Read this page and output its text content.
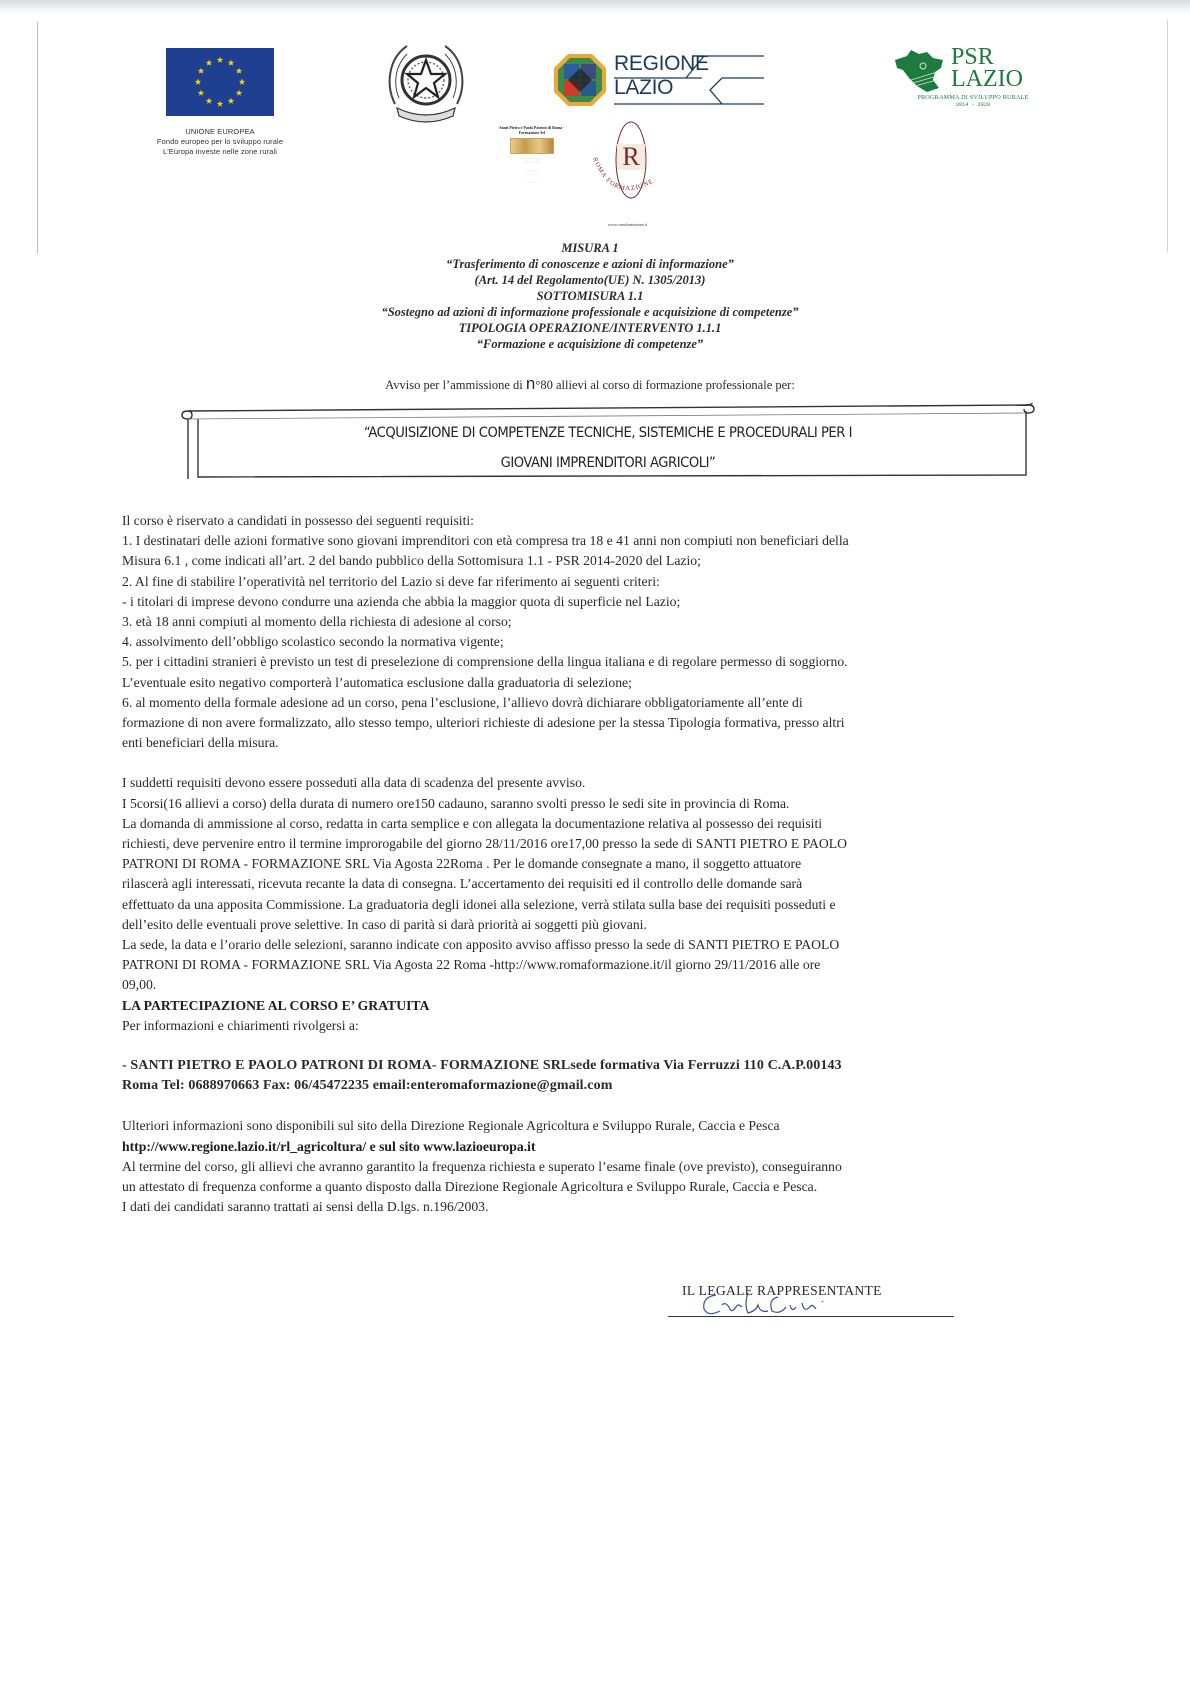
UNIONE EUROPEA
Fondo europeo per lo sviluppo rurale
L'Europa investe nelle zone rurali
REGIONE
LAZIO
Santi Pietro e Paolo Patroni di Roma - Formazione Srl
· · · · · · · · · · · ·
· · · · · · · · · ·

· · · · · · · ·
· · · · · · ·

· · · · · · · · ·
R
ROMA FORMAZIONE
www.romaformazione.it
PSR
LAZIO
PROGRAMMA DI SVILUPPO RURALE
2014 - 2020
MISURA 1
“Trasferimento di conoscenze e azioni di informazione”
(Art. 14 del Regolamento(UE) N. 1305/2013)
SOTTOMISURA 1.1
“Sostegno ad azioni di informazione professionale e acquisizione di competenze”
TIPOLOGIA OPERAZIONE/INTERVENTO 1.1.1
“Formazione e acquisizione di competenze”
Avviso per l’ammissione di n°80 allievi al corso di formazione professionale per:
“ACQUISIZIONE DI COMPETENZE TECNICHE, SISTEMICHE E PROCEDURALI PER I
GIOVANI IMPRENDITORI AGRICOLI”

Il corso è riservato a candidati in possesso dei seguenti requisiti:

1. I destinatari delle azioni formative sono giovani imprenditori con età compresa tra 18 e 41 anni non compiuti non beneficiari della

Misura 6.1 , come indicati all’art. 2 del bando pubblico della Sottomisura 1.1 - PSR 2014-2020 del Lazio;

2. Al fine di stabilire l’operatività nel territorio del Lazio si deve far riferimento ai seguenti criteri:

- i titolari di imprese devono condurre una azienda che abbia la maggior quota di superficie nel Lazio;

3. età 18 anni compiuti al momento della richiesta di adesione al corso;

4. assolvimento dell’obbligo scolastico secondo la normativa vigente;

5. per i cittadini stranieri è previsto un test di preselezione di comprensione della lingua italiana e di regolare permesso di soggiorno.

L’eventuale esito negativo comporterà l’automatica esclusione dalla graduatoria di selezione;

6. al momento della formale adesione ad un corso, pena l’esclusione, l’allievo dovrà dichiarare obbligatoriamente all’ente di

formazione di non avere formalizzato, allo stesso tempo, ulteriori richieste di adesione per la stessa Tipologia formativa, presso altri

enti beneficiari della misura.

I suddetti requisiti devono essere posseduti alla data di scadenza del presente avviso.

I 5corsi(16 allievi a corso) della durata di numero ore150 cadauno, saranno svolti presso le sedi site in provincia di Roma.

La domanda di ammissione al corso, redatta in carta semplice e con allegata la documentazione relativa al possesso dei requisiti

richiesti, deve pervenire entro il termine improrogabile del giorno 28/11/2016 ore17,00 presso la sede di SANTI PIETRO E PAOLO

PATRONI DI ROMA - FORMAZIONE SRL Via Agosta 22Roma . Per le domande consegnate a mano, il soggetto attuatore

rilascerà agli interessati, ricevuta recante la data di consegna. L’accertamento dei requisiti ed il controllo delle domande sarà

effettuato da una apposita Commissione. La graduatoria degli idonei alla selezione, verrà stilata sulla base dei requisiti posseduti e

dell’esito delle eventuali prove selettive. In caso di parità si darà priorità ai soggetti più giovani.

La sede, la data e l’orario delle selezioni, saranno indicate con apposito avviso affisso presso la sede di SANTI PIETRO E PAOLO

PATRONI DI ROMA - FORMAZIONE SRL Via Agosta 22 Roma -http://www.romaformazione.it/il giorno 29/11/2016 alle ore

09,00.

LA PARTECIPAZIONE AL CORSO E’ GRATUITA

Per informazioni e chiarimenti rivolgersi a:

- SANTI PIETRO E PAOLO PATRONI DI ROMA- FORMAZIONE SRLsede formativa Via Ferruzzi 110 C.A.P.00143

Roma Tel: 0688970663 Fax: 06/45472235 email:enteromaformazione@gmail.com

Ulteriori informazioni sono disponibili sul sito della Direzione Regionale Agricoltura e Sviluppo Rurale, Caccia e Pesca

http://www.regione.lazio.it/rl_agricoltura/ e sul sito www.lazioeuropa.it

Al termine del corso, gli allievi che avranno garantito la frequenza richiesta e superato l’esame finale (ove previsto), conseguiranno

un attestato di frequenza conforme a quanto disposto dalla Direzione Regionale Agricoltura e Sviluppo Rurale, Caccia e Pesca.

I dati dei candidati saranno trattati ai sensi della D.lgs. n.196/2003.

IL LEGALE RAPPRESENTANTE
